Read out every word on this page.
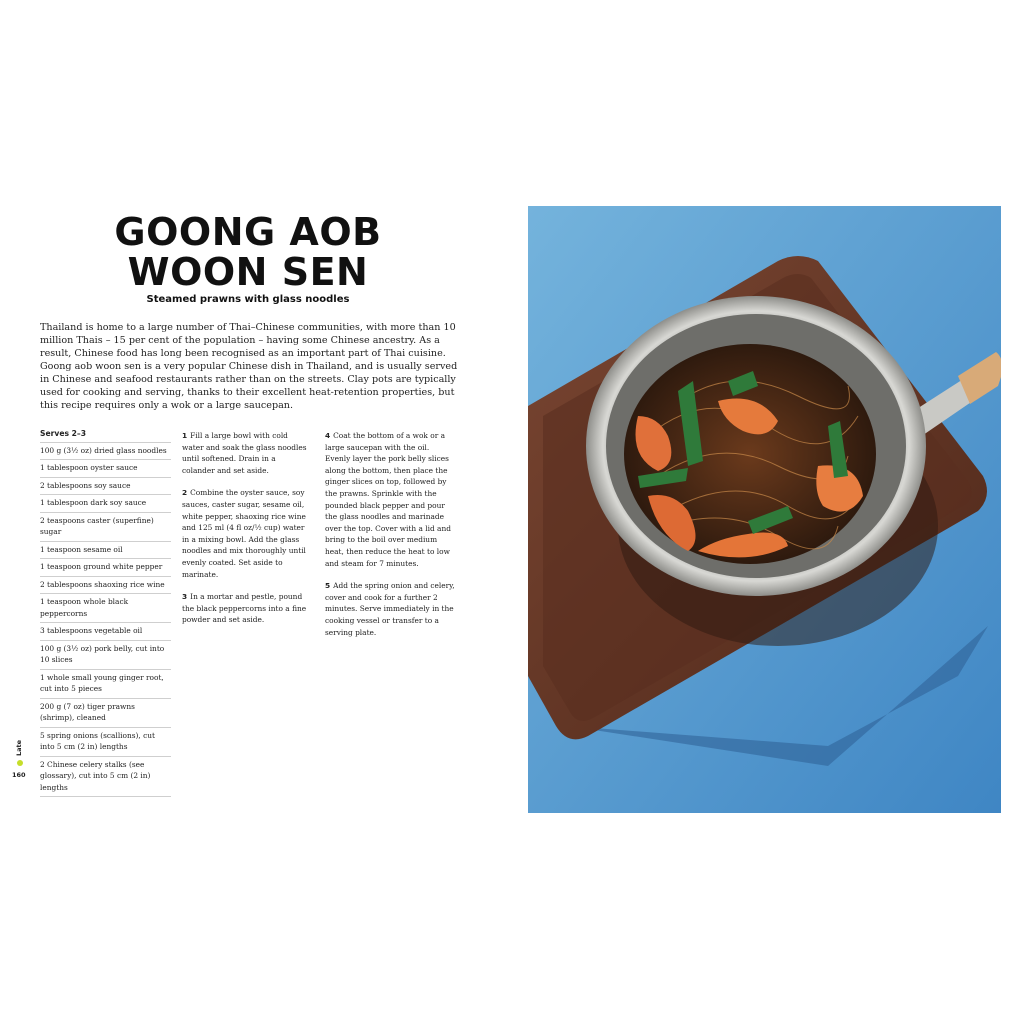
GOONG AOB
WOON SEN
Steamed prawns with glass noodles
Thailand is home to a large number of Thai–Chinese communities, with more than 10 million Thais – 15 per cent of the population – having some Chinese ancestry. As a result, Chinese food has long been recognised as an important part of Thai cuisine. Goong aob woon sen is a very popular Chinese dish in Thailand, and is usually served in Chinese and seafood restaurants rather than on the streets. Clay pots are typically used for cooking and serving, thanks to their excellent heat-retention properties, but this recipe requires only a wok or a large saucepan.
Serves 2–3
100 g (3½ oz) dried glass noodles
1 tablespoon oyster sauce
2 tablespoons soy sauce
1 tablespoon dark soy sauce
2 teaspoons caster (superfine) sugar
1 teaspoon sesame oil
1 teaspoon ground white pepper
2 tablespoons shaoxing rice wine
1 teaspoon whole black peppercorns
3 tablespoons vegetable oil
100 g (3½ oz) pork belly, cut into 10 slices
1 whole small young ginger root, cut into 5 pieces
200 g (7 oz) tiger prawns (shrimp), cleaned
5 spring onions (scallions), cut into 5 cm (2 in) lengths
2 Chinese celery stalks (see glossary), cut into 5 cm (2 in) lengths
1 Fill a large bowl with cold water and soak the glass noodles until softened. Drain in a colander and set aside.
2 Combine the oyster sauce, soy sauces, caster sugar, sesame oil, white pepper, shaoxing rice wine and 125 ml (4 fl oz/½ cup) water in a mixing bowl. Add the glass noodles and mix thoroughly until evenly coated. Set aside to marinate.
3 In a mortar and pestle, pound the black peppercorns into a fine powder and set aside.
4 Coat the bottom of a wok or a large saucepan with the oil. Evenly layer the pork belly slices along the bottom, then place the ginger slices on top, followed by the prawns. Sprinkle with the pounded black pepper and pour the glass noodles and marinade over the top. Cover with a lid and bring to the boil over medium heat, then reduce the heat to low and steam for 7 minutes.
5 Add the spring onion and celery, cover and cook for a further 2 minutes. Serve immediately in the cooking vessel or transfer to a serving plate.
Late
160
